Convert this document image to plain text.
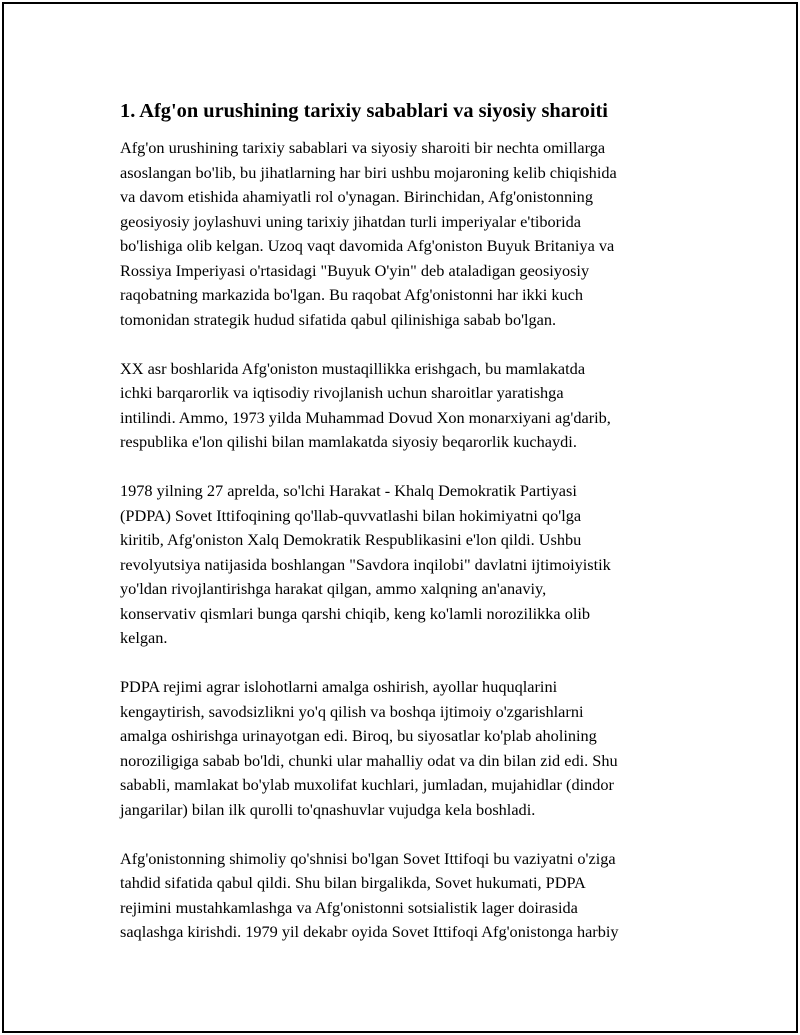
1. Afg'on urushining tarixiy sabablari va siyosiy sharoiti

Afg'on urushining tarixiy sabablari va siyosiy sharoiti bir nechta omillarga
asoslangan bo'lib, bu jihatlarning har biri ushbu mojaroning kelib chiqishida
va davom etishida ahamiyatli rol o'ynagan. Birinchidan, Afg'onistonning
geosiyosiy joylashuvi uning tarixiy jihatdan turli imperiyalar e'tiborida
bo'lishiga olib kelgan. Uzoq vaqt davomida Afg'oniston Buyuk Britaniya va
Rossiya Imperiyasi o'rtasidagi "Buyuk O'yin" deb ataladigan geosiyosiy
raqobatning markazida bo'lgan. Bu raqobat Afg'onistonni har ikki kuch
tomonidan strategik hudud sifatida qabul qilinishiga sabab bo'lgan.

XX asr boshlarida Afg'oniston mustaqillikka erishgach, bu mamlakatda
ichki barqarorlik va iqtisodiy rivojlanish uchun sharoitlar yaratishga
intilindi. Ammo, 1973 yilda Muhammad Dovud Xon monarxiyani ag'darib,
respublika e'lon qilishi bilan mamlakatda siyosiy beqarorlik kuchaydi.

1978 yilning 27 aprelda, so'lchi Harakat - Khalq Demokratik Partiyasi
(PDPA) Sovet Ittifoqining qo'llab-quvvatlashi bilan hokimiyatni qo'lga
kiritib, Afg'oniston Xalq Demokratik Respublikasini e'lon qildi. Ushbu
revolyutsiya natijasida boshlangan "Savdora inqilobi" davlatni ijtimoiyistik
yo'ldan rivojlantirishga harakat qilgan, ammo xalqning an'anaviy,
konservativ qismlari bunga qarshi chiqib, keng ko'lamli norozilikka olib
kelgan.

PDPA rejimi agrar islohotlarni amalga oshirish, ayollar huquqlarini
kengaytirish, savodsizlikni yo'q qilish va boshqa ijtimoiy o'zgarishlarni
amalga oshirishga urinayotgan edi. Biroq, bu siyosatlar ko'plab aholining
noroziligiga sabab bo'ldi, chunki ular mahalliy odat va din bilan zid edi. Shu
sababli, mamlakat bo'ylab muxolifat kuchlari, jumladan, mujahidlar (dindor
jangarilar) bilan ilk qurolli to'qnashuvlar vujudga kela boshladi.

Afg'onistonning shimoliy qo'shnisi bo'lgan Sovet Ittifoqi bu vaziyatni o'ziga
tahdid sifatida qabul qildi. Shu bilan birgalikda, Sovet hukumati, PDPA
rejimini mustahkamlashga va Afg'onistonni sotsialistik lager doirasida
saqlashga kirishdi. 1979 yil dekabr oyida Sovet Ittifoqi Afg'onistonga harbiy
